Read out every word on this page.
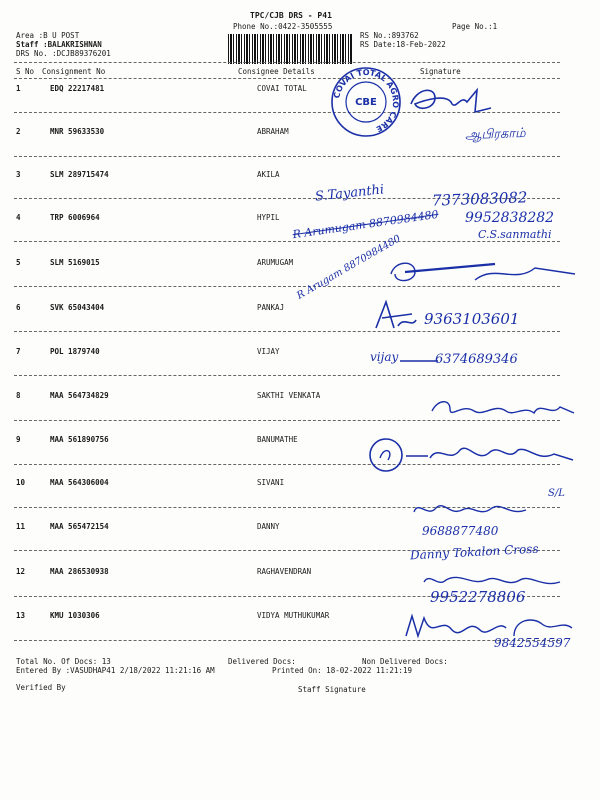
TPC/CJB DRS - P41
Phone No.:0422-3505555
Area :B U POST
Staff :BALAKRISHNAN
DRS No. :DCJB89376201
RS No.:893762
RS Date:18-Feb-2022
Page No.:1
S No Consignment No	Consignee Details	Signature
1	EDQ 22217481	COVAI TOTAL
2	MNR 59633530	ABRAHAM
3	SLM 289715474	AKILA
4	TRP 6006964	HYPIL
5	SLM 5169015	ARUMUGAM
6	SVK 65043404	PANKAJ
7	POL 1879740	VIJAY
8	MAA 564734829	SAKTHI VENKATA
9	MAA 561890756	BANUMATHE
10	MAA 564306004	SIVANI
11	MAA 565472154	DANNY
12	MAA 286530938	RAGHAVENDRAN
13	KMU 1030306	VIDYA MUTHUKUMAR
COVAI TOTAL AGRO CARE
CBE
ஆபிரகாம்
S.Tayanthi	7373083082
9952838282
C.S.sanmathi
R Arumugam 8870984480
R Arugam 8870984480
9363103601
vijay	6374689346
S/L
9688877480
Danny Tokalon Cross
9952278806
9842554597
Total No. Of Docs: 13	Delivered Docs:	Non Delivered Docs:
Entered By :VASUDHAP41 2/18/2022 11:21:16 AM	Printed On: 18-02-2022 11:21:19
Verified By	Staff Signature
